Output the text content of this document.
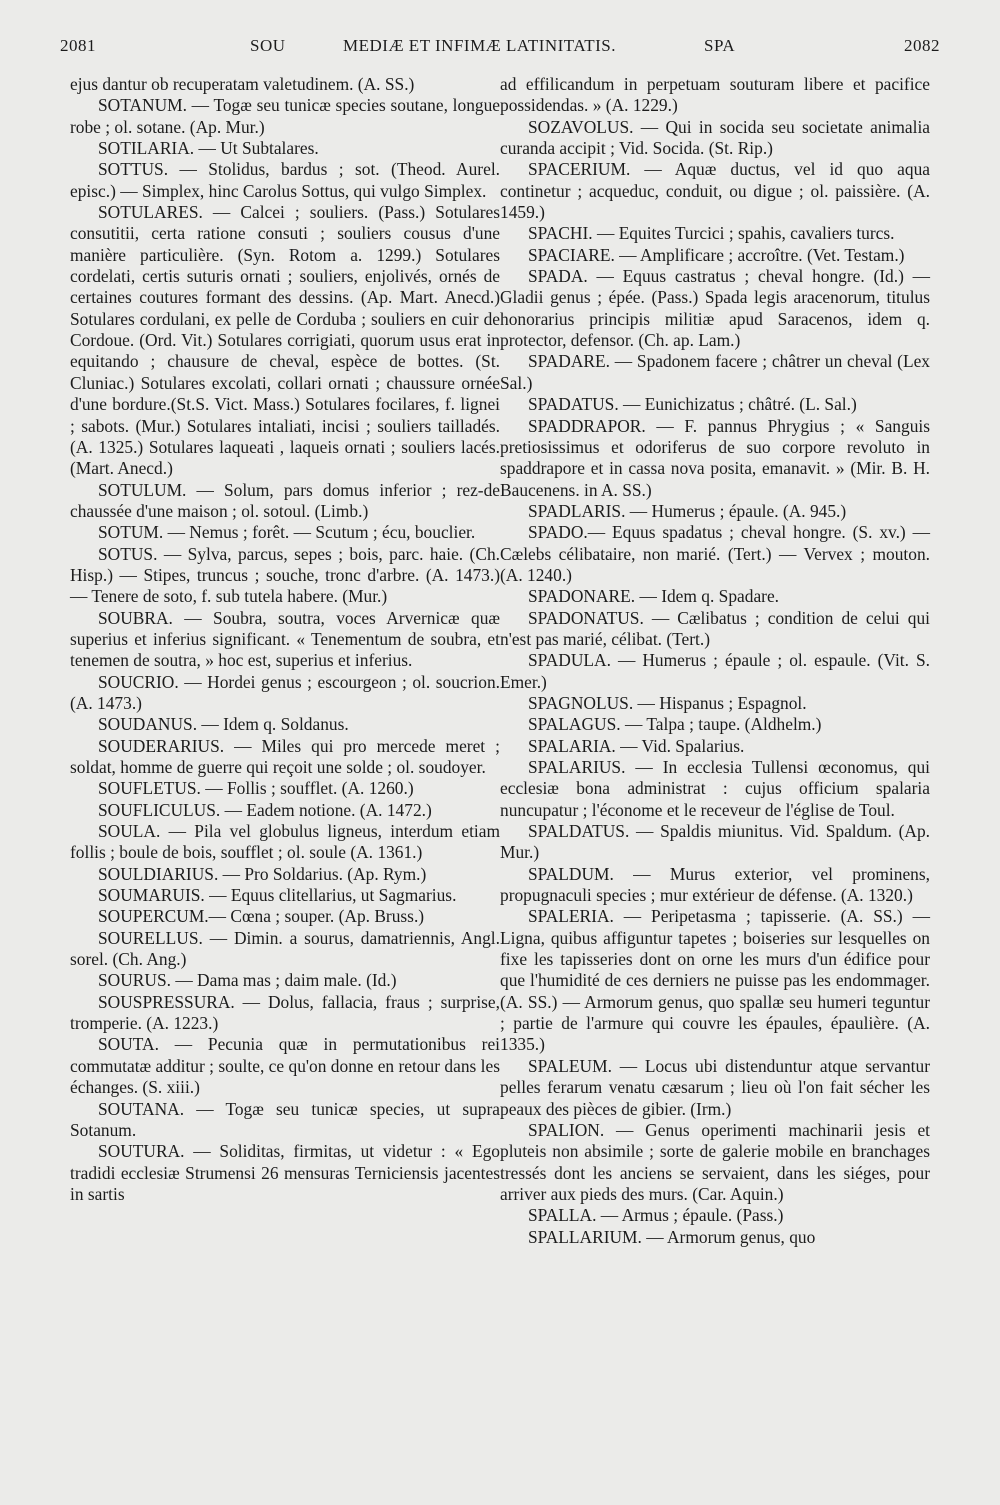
2081	SOU	MEDIÆ ET INFIMÆ LATINITATIS.	SPA	2082

ejus dantur ob recuperatam valetudinem. (A. SS.)

SOTANUM. — Togæ seu tunicæ species soutane, longue robe ; ol. sotane. (Ap. Mur.)

SOTILARIA. — Ut Subtalares.

SOTTUS. — Stolidus, bardus ; sot. (Theod. Aurel. episc.) — Simplex, hinc Carolus Sottus, qui vulgo Simplex.

SOTULARES. — Calcei ; souliers. (Pass.) Sotulares consutitii, certa ratione consuti ; souliers cousus d'une manière particulière. (Syn. Rotom a. 1299.) Sotulares cordelati, certis suturis ornati ; souliers, enjolivés, ornés de certaines coutures formant des dessins. (Ap. Mart. Anecd.) Sotulares cordulani, ex pelle de Corduba ; souliers en cuir de Cordoue. (Ord. Vit.) Sotulares corrigiati, quorum usus erat in equitando ; chausure de cheval, espèce de bottes. (St. Cluniac.) Sotulares excolati, collari ornati ; chaussure ornée d'une bordure.(St.S. Vict. Mass.) Sotulares focilares, f. lignei ; sabots. (Mur.) Sotulares intaliati, incisi ; souliers tailladés. (A. 1325.) Sotulares laqueati , laqueis ornati ; souliers lacés. (Mart. Anecd.)

SOTULUM. — Solum, pars domus inferior ; rez-de chaussée d'une maison ; ol. sotoul. (Limb.)

SOTUM. — Nemus ; forêt. — Scutum ; écu, bouclier.

SOTUS. — Sylva, parcus, sepes ; bois, parc. haie. (Ch. Hisp.) — Stipes, truncus ; souche, tronc d'arbre. (A. 1473.) — Tenere de soto, f. sub tutela habere. (Mur.)

SOUBRA. — Soubra, soutra, voces Arvernicæ quæ superius et inferius significant. « Tenementum de soubra, et tenemen de soutra, » hoc est, superius et inferius.

SOUCRIO. — Hordei genus ; escourgeon ; ol. soucrion. (A. 1473.)

SOUDANUS. — Idem q. Soldanus.

SOUDERARIUS. — Miles qui pro mercede meret ; soldat, homme de guerre qui reçoit une solde ; ol. soudoyer.

SOUFLETUS. — Follis ; soufflet. (A. 1260.)

SOUFLICULUS. — Eadem notione. (A. 1472.)

SOULA. — Pila vel globulus ligneus, interdum etiam follis ; boule de bois, soufflet ; ol. soule (A. 1361.)

SOULDIARIUS. — Pro Soldarius. (Ap. Rym.)

SOUMARUIS. — Equus clitellarius, ut Sagmarius.

SOUPERCUM.— Cœna ; souper. (Ap. Bruss.)

SOURELLUS. — Dimin. a sourus, damatriennis, Angl. sorel. (Ch. Ang.)

SOURUS. — Dama mas ; daim male. (Id.)

SOUSPRESSURA. — Dolus, fallacia, fraus ; surprise, tromperie. (A. 1223.)

SOUTA. — Pecunia quæ in permutationibus rei commutatæ additur ; soulte, ce qu'on donne en retour dans les échanges. (S. xiii.)

SOUTANA. — Togæ seu tunicæ species, ut supra Sotanum.

SOUTURA. — Soliditas, firmitas, ut videtur : « Ego tradidi ecclesiæ Strumensi 26 mensuras Terniciensis jacentes in sartis

ad effilicandum in perpetuam souturam libere et pacifice possidendas. » (A. 1229.)

SOZAVOLUS. — Qui in socida seu societate animalia curanda accipit ; Vid. Socida. (St. Rip.)

SPACERIUM. — Aquæ ductus, vel id quo aqua continetur ; acqueduc, conduit, ou digue ; ol. paissière. (A. 1459.)

SPACHI. — Equites Turcici ; spahis, cavaliers turcs.

SPACIARE. — Amplificare ; accroître. (Vet. Testam.)

SPADA. — Equus castratus ; cheval hongre. (Id.) — Gladii genus ; épée. (Pass.) Spada legis aracenorum, titulus honorarius principis militiæ apud Saracenos, idem q. protector, defensor. (Ch. ap. Lam.)

SPADARE. — Spadonem facere ; châtrer un cheval (Lex Sal.)

SPADATUS. — Eunichizatus ; châtré. (L. Sal.)

SPADDRAPOR. — F. pannus Phrygius ; « Sanguis pretiosissimus et odoriferus de suo corpore revoluto in spaddrapore et in cassa nova posita, emanavit. » (Mir. B. H. Baucenens. in A. SS.)

SPADLARIS. — Humerus ; épaule. (A. 945.)

SPADO.— Equus spadatus ; cheval hongre. (S. xv.) — Cælebs célibataire, non marié. (Tert.) — Vervex ; mouton. (A. 1240.)

SPADONARE. — Idem q. Spadare.

SPADONATUS. — Cælibatus ; condition de celui qui n'est pas marié, célibat. (Tert.)

SPADULA. — Humerus ; épaule ; ol. espaule. (Vit. S. Emer.)

SPAGNOLUS. — Hispanus ; Espagnol.

SPALAGUS. — Talpa ; taupe. (Aldhelm.)

SPALARIA. — Vid. Spalarius.

SPALARIUS. — In ecclesia Tullensi œconomus, qui ecclesiæ bona administrat : cujus officium spalaria nuncupatur ; l'économe et le receveur de l'église de Toul.

SPALDATUS. — Spaldis miunitus. Vid. Spaldum. (Ap. Mur.)

SPALDUM. — Murus exterior, vel prominens, propugnaculi species ; mur extérieur de défense. (A. 1320.)

SPALERIA. — Peripetasma ; tapisserie. (A. SS.) — Ligna, quibus affiguntur tapetes ; boiseries sur lesquelles on fixe les tapisseries dont on orne les murs d'un édifice pour que l'humidité de ces derniers ne puisse pas les endommager. (A. SS.) — Armorum genus, quo spallæ seu humeri teguntur ; partie de l'armure qui couvre les épaules, épaulière. (A. 1335.)

SPALEUM. — Locus ubi distenduntur atque servantur pelles ferarum venatu cæsarum ; lieu où l'on fait sécher les peaux des pièces de gibier. (Irm.)

SPALION. — Genus operimenti machinarii jesis et pluteis non absimile ; sorte de galerie mobile en branchages tressés dont les anciens se servaient, dans les siéges, pour arriver aux pieds des murs. (Car. Aquin.)

SPALLA. — Armus ; épaule. (Pass.)

SPALLARIUM. — Armorum genus, quo
